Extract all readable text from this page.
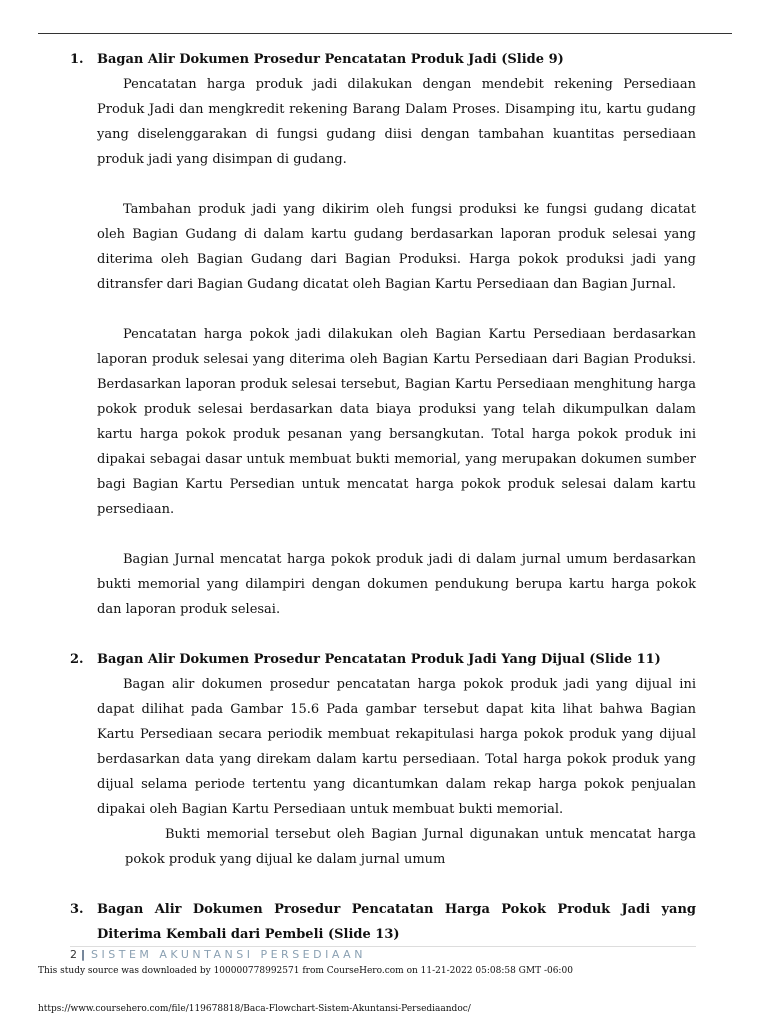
1.	Bagan Alir Dokumen Prosedur Pencatatan Produk Jadi (Slide 9)

Pencatatan harga produk jadi dilakukan dengan mendebit rekening Persediaan Produk Jadi dan mengkredit rekening Barang Dalam Proses. Disamping itu, kartu gudang yang diselenggarakan di fungsi gudang diisi dengan tambahan kuantitas persediaan produk jadi yang disimpan di gudang.

Tambahan produk jadi yang dikirim oleh fungsi produksi ke fungsi gudang dicatat oleh Bagian Gudang di dalam kartu gudang berdasarkan laporan produk selesai yang diterima oleh Bagian Gudang dari Bagian Produksi. Harga pokok produksi jadi yang ditransfer dari Bagian Gudang dicatat oleh Bagian Kartu Persediaan dan Bagian Jurnal.

Pencatatan harga pokok jadi dilakukan oleh Bagian Kartu Persediaan berdasarkan laporan produk selesai yang diterima oleh Bagian Kartu Persediaan dari Bagian Produksi. Berdasarkan laporan produk selesai tersebut, Bagian Kartu Persediaan menghitung harga pokok produk selesai berdasarkan data biaya produksi yang telah dikumpulkan dalam kartu harga pokok produk pesanan yang bersangkutan. Total harga pokok produk ini dipakai sebagai dasar untuk membuat bukti memorial, yang merupakan dokumen sumber bagi Bagian Kartu Persedian untuk mencatat harga pokok produk selesai dalam kartu persediaan.

Bagian Jurnal mencatat harga pokok produk jadi di dalam jurnal umum berdasarkan bukti memorial yang dilampiri dengan dokumen pendukung berupa kartu harga pokok dan laporan produk selesai.

2.	Bagan Alir Dokumen Prosedur Pencatatan Produk Jadi Yang Dijual (Slide 11)

Bagan alir dokumen prosedur pencatatan harga pokok produk jadi yang dijual ini dapat dilihat pada Gambar 15.6 Pada gambar tersebut dapat kita lihat bahwa Bagian Kartu Persediaan secara periodik membuat rekapitulasi harga pokok produk yang dijual berdasarkan data yang direkam dalam kartu persediaan. Total harga pokok produk yang dijual selama periode tertentu yang dicantumkan dalam rekap harga pokok penjualan dipakai oleh Bagian Kartu Persediaan untuk membuat bukti memorial.

Bukti memorial tersebut oleh Bagian Jurnal digunakan untuk mencatat harga pokok produk yang dijual ke dalam jurnal umum

3.	Bagan Alir Dokumen Prosedur Pencatatan Harga Pokok Produk Jadi yang Diterima Kembali dari Pembeli (Slide 13)
2 | SISTEM AKUNTANSI PERSEDIAAN
This study source was downloaded by 100000778992571 from CourseHero.com on 11-21-2022 05:08:58 GMT -06:00
https://www.coursehero.com/file/119678818/Baca-Flowchart-Sistem-Akuntansi-Persediaandoc/
